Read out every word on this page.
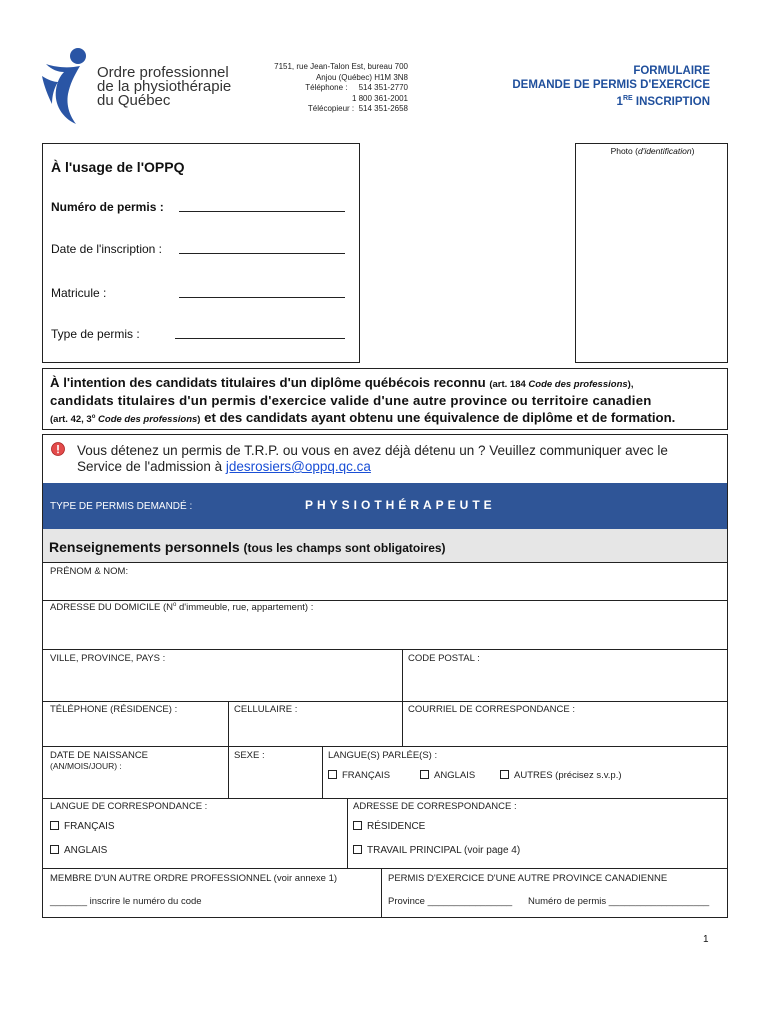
Ordre professionnel
de la physiothérapie
du Québec
7151, rue Jean-Talon Est, bureau 700
Anjou (Québec) H1M 3N8
Téléphone : 514 351-2770
1 800 361-2001
Télécopieur : 514 351-2658
FORMULAIRE
DEMANDE DE PERMIS D'EXERCICE
1RE INSCRIPTION
À l'usage de l'OPPQ
Numéro de permis :
Date de l'inscription :
Matricule :
Type de permis :
Photo (d'identification)
À l'intention des candidats titulaires d'un diplôme québécois reconnu (art. 184 Code des professions),
candidats titulaires d'un permis d'exercice valide d'une autre province ou territoire canadien
(art. 42, 3$^o$ Code des professions) et des candidats ayant obtenu une équivalence de diplôme et de formation.
Vous détenez un permis de T.R.P. ou vous en avez déjà détenu un ? Veuillez communiquer avec le
Service de l'admission à jdesrosiers@oppq.qc.ca
TYPE DE PERMIS DEMANDÉ :	PHYSIOTHÉRAPEUTE
Renseignements personnels (tous les champs sont obligatoires)
PRÉNOM & NOM:
ADRESSE DU DOMICILE ($N^o$ d'immeuble, rue, appartement) :
VILLE, PROVINCE, PAYS :	CODE POSTAL :
TÉLÉPHONE (RÉSIDENCE) :	CELLULAIRE :	COURRIEL DE CORRESPONDANCE :
DATE DE NAISSANCE
(AN/MOIS/JOUR) :
SEXE :	LANGUE(S) PARLÉE(S) :
FRANÇAIS	ANGLAIS	AUTRES (précisez s.v.p.)
LANGUE DE CORRESPONDANCE :
FRANÇAIS
ANGLAIS
ADRESSE DE CORRESPONDANCE :
RÉSIDENCE
TRAVAIL PRINCIPAL (voir page 4)
MEMBRE D'UN AUTRE ORDRE PROFESSIONNEL (voir annexe 1)
_______ inscrire le numéro du code
PERMIS D'EXERCICE D'UNE AUTRE PROVINCE CANADIENNE
Province ________________ Numéro de permis ___________________
1
